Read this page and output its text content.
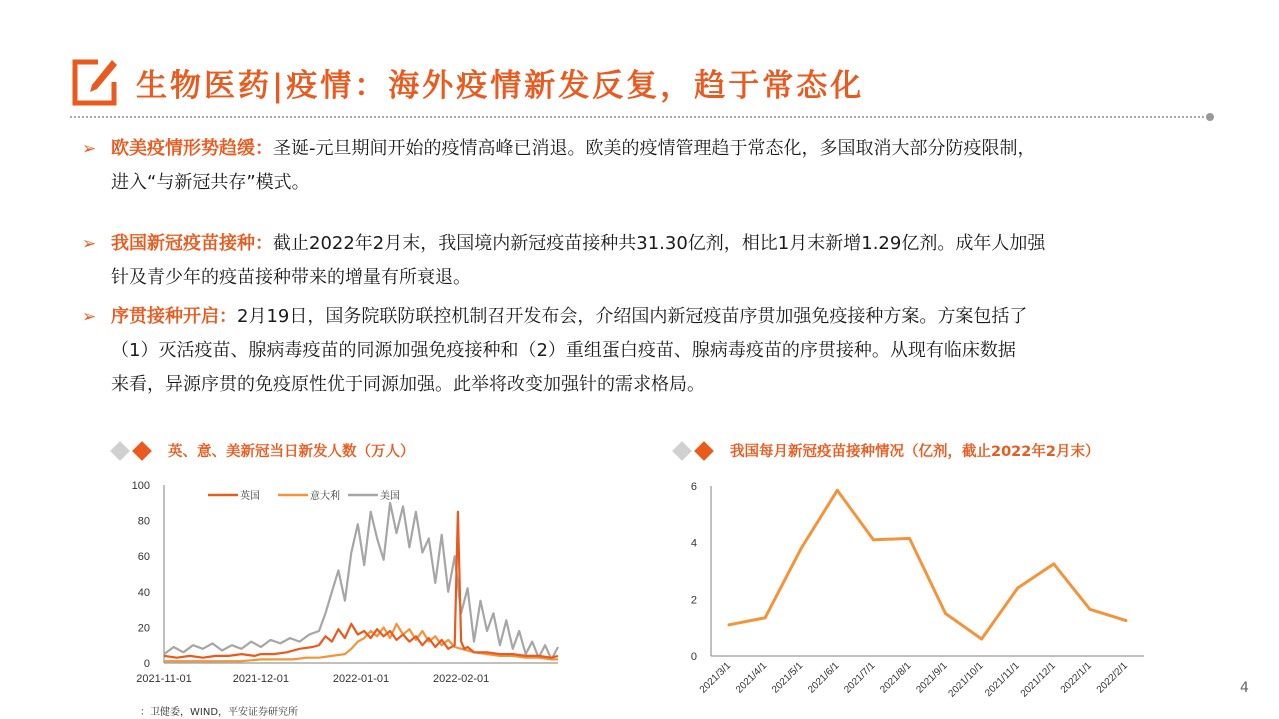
生物医药|疫情：海外疫情新发反复，趋于常态化
➢ 欧美疫情形势趋缓：圣诞-元旦期间开始的疫情高峰已消退。欧美的疫情管理趋于常态化，多国取消大部分防疫限制，
进入“与新冠共存”模式。
➢ 我国新冠疫苗接种：截止2022年2月末，我国境内新冠疫苗接种共31.30亿剂，相比1月末新增1.29亿剂。成年人加强
针及青少年的疫苗接种带来的增量有所衰退。
➢ 序贯接种开启：2月19日，国务院联防联控机制召开发布会，介绍国内新冠疫苗序贯加强免疫接种方案。方案包括了
（1）灭活疫苗、腺病毒疫苗的同源加强免疫接种和（2）重组蛋白疫苗、腺病毒疫苗的序贯接种。从现有临床数据
来看，异源序贯的免疫原性优于同源加强。此举将改变加强针的需求格局。
英、意、美新冠当日新发人数（万人）	我国每月新冠疫苗接种情况（亿剂，截止2022年2月末）
0
20
40
60
80
100
2021-11-01	2021-12-01	2022-01-01	2022-02-01
英国	意大利	美国
0
2
4
6
2021/3/1 2021/4/1 2021/5/1 2021/6/1 2021/7/1 2021/8/1 2021/9/1
2021/10/1
2021/11/1
2021/12/1 2022/1/1 2022/2/1
：卫健委，WIND，平安证券研究所
4
